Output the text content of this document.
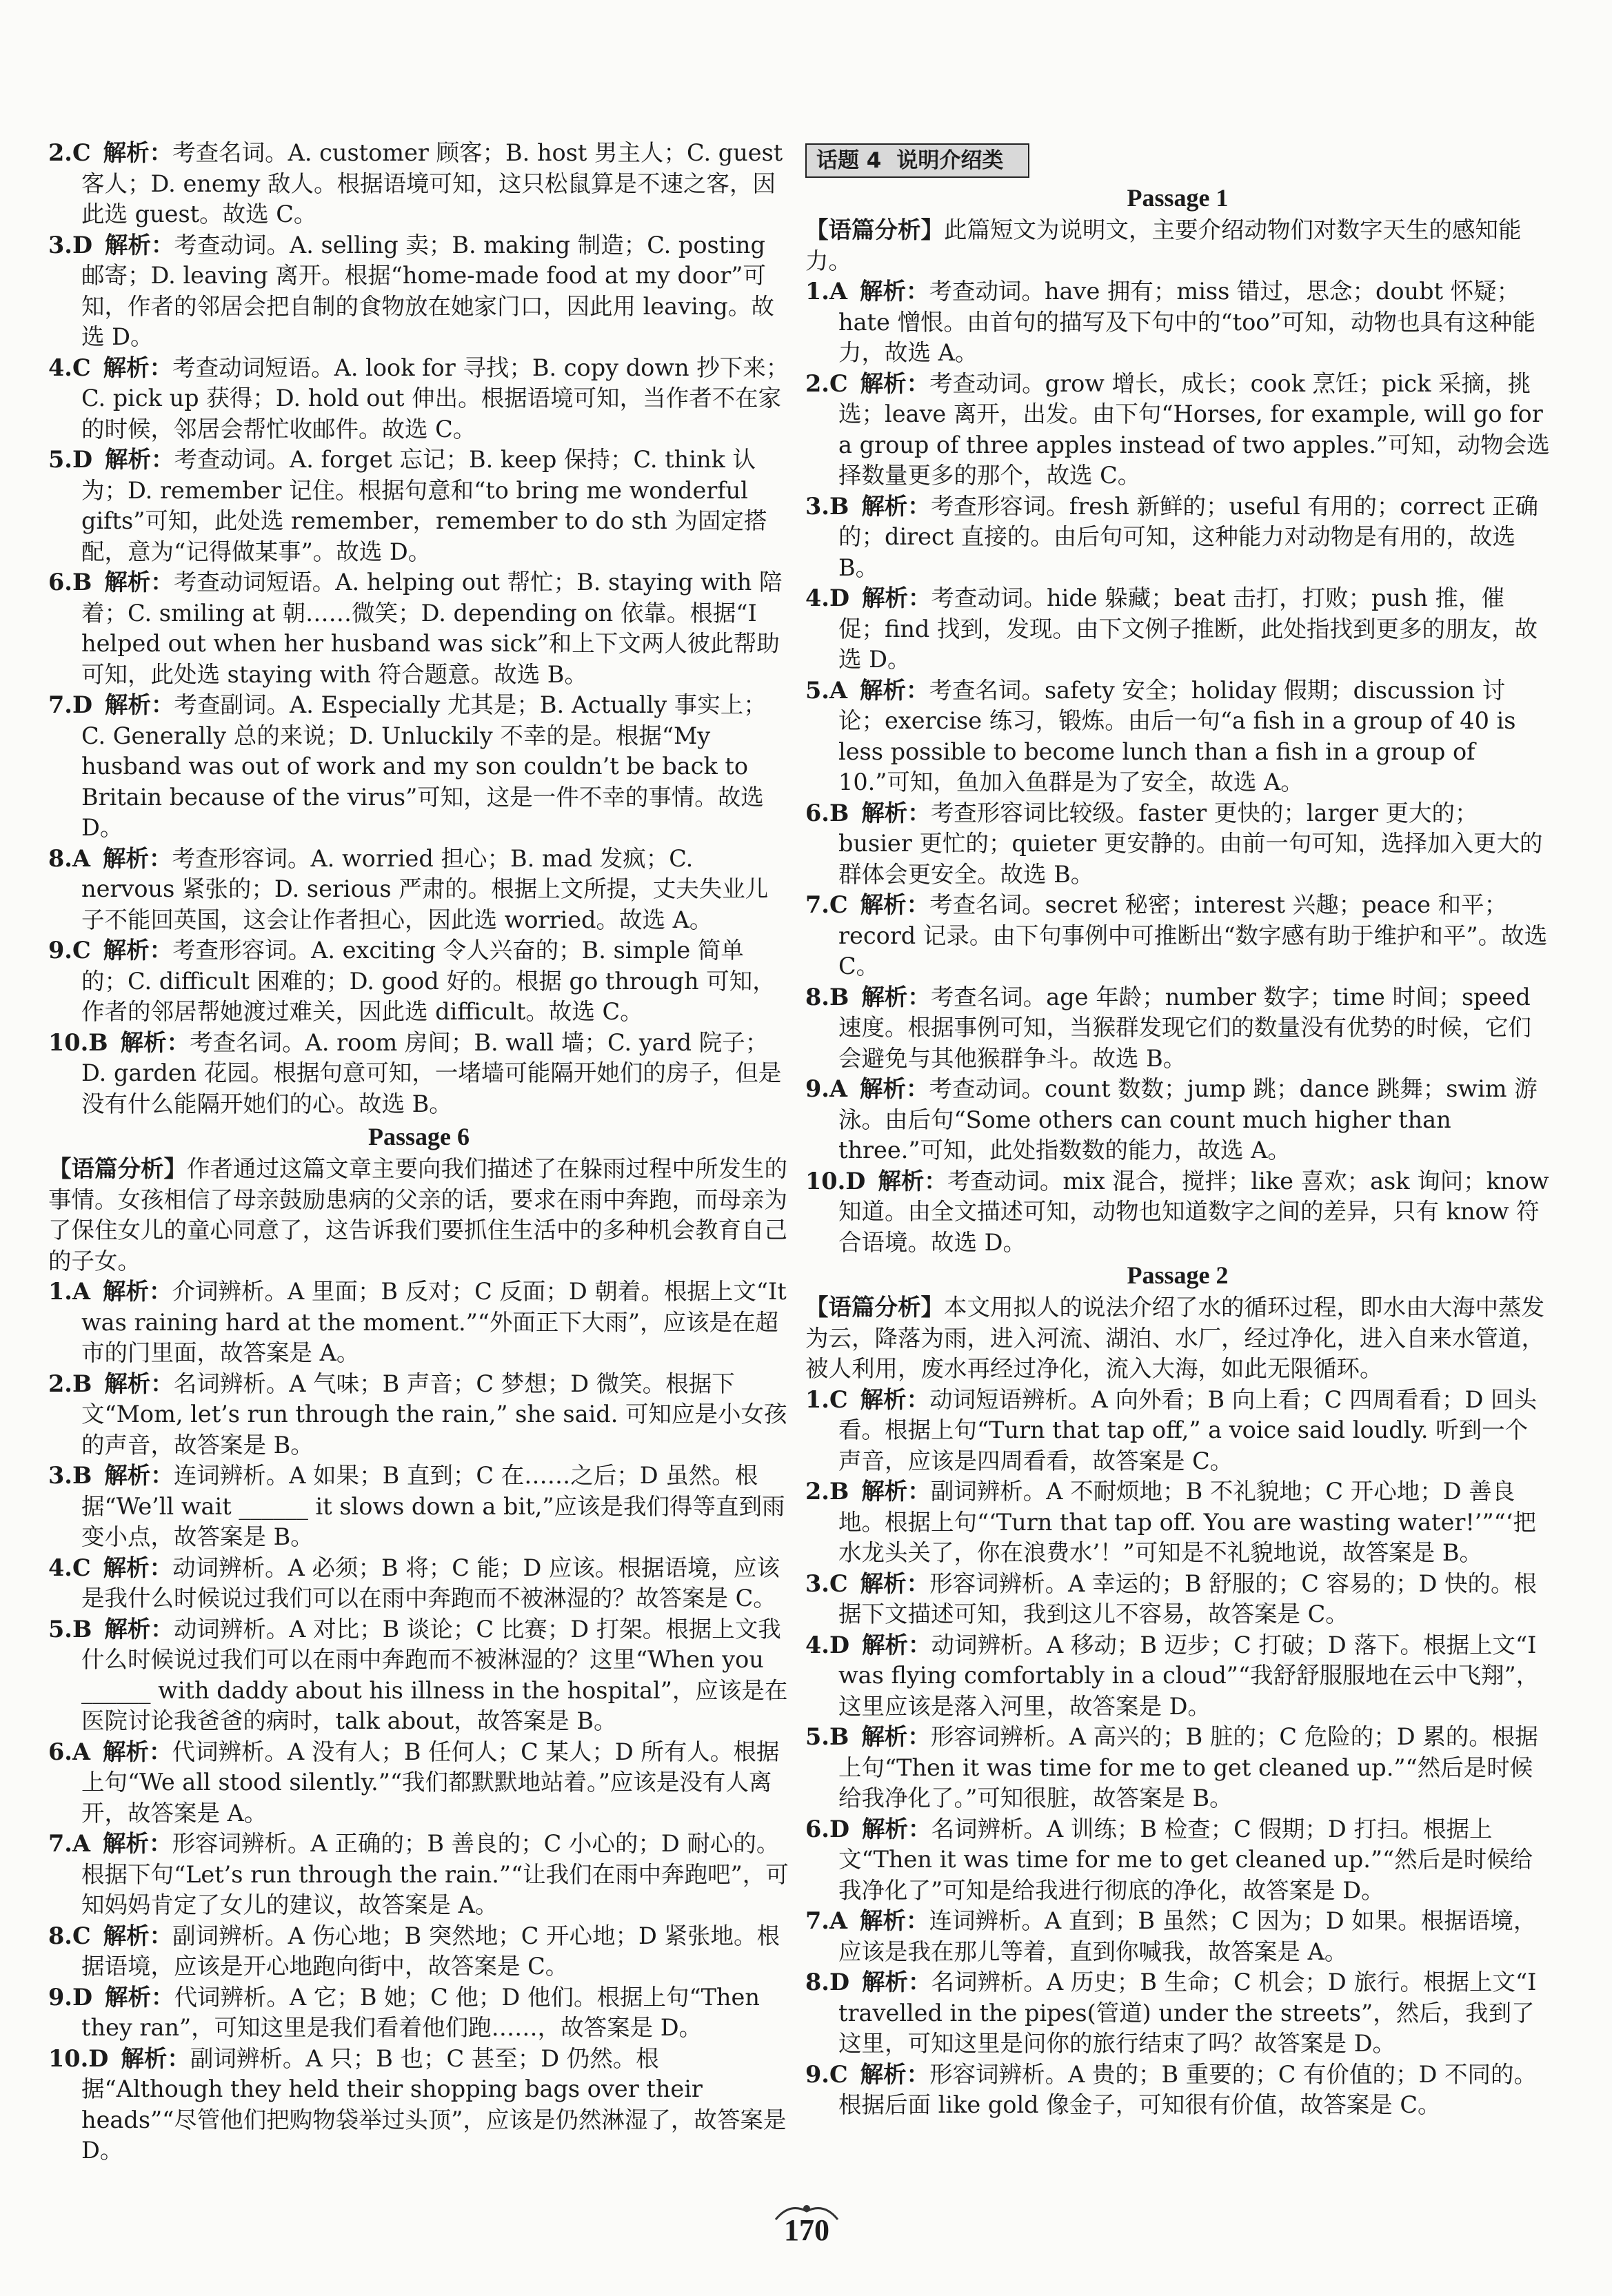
2.C 解析：考查名词。A. customer 顾客；B. host 男主人；C. guest 客人；D. enemy 敌人。根据语境可知，这只松鼠算是不速之客，因此选 guest。故选 C。

3.D 解析：考查动词。A. selling 卖；B. making 制造；C. posting 邮寄；D. leaving 离开。根据“home-made food at my door”可知，作者的邻居会把自制的食物放在她家门口，因此用 leaving。故选 D。

4.C 解析：考查动词短语。A. look for 寻找；B. copy down 抄下来；C. pick up 获得；D. hold out 伸出。根据语境可知，当作者不在家的时候，邻居会帮忙收邮件。故选 C。

5.D 解析：考查动词。A. forget 忘记；B. keep 保持；C. think 认为；D. remember 记住。根据句意和“to bring me wonderful gifts”可知，此处选 remember，remember to do sth 为固定搭配，意为“记得做某事”。故选 D。

6.B 解析：考查动词短语。A. helping out 帮忙；B. staying with 陪着；C. smiling at 朝……微笑；D. depending on 依靠。根据“I helped out when her husband was sick”和上下文两人彼此帮助可知，此处选 staying with 符合题意。故选 B。

7.D 解析：考查副词。A. Especially 尤其是；B. Actually 事实上；C. Generally 总的来说；D. Unluckily 不幸的是。根据“My husband was out of work and my son couldn’t be back to Britain because of the virus”可知，这是一件不幸的事情。故选 D。

8.A 解析：考查形容词。A. worried 担心；B. mad 发疯；C. nervous 紧张的；D. serious 严肃的。根据上文所提，丈夫失业儿子不能回英国，这会让作者担心，因此选 worried。故选 A。

9.C 解析：考查形容词。A. exciting 令人兴奋的；B. simple 简单的；C. difficult 困难的；D. good 好的。根据 go through 可知，作者的邻居帮她渡过难关，因此选 difficult。故选 C。

10.B 解析：考查名词。A. room 房间；B. wall 墙；C. yard 院子；D. garden 花园。根据句意可知，一堵墙可能隔开她们的房子，但是没有什么能隔开她们的心。故选 B。

Passage 6

【语篇分析】作者通过这篇文章主要向我们描述了在躲雨过程中所发生的事情。女孩相信了母亲鼓励患病的父亲的话，要求在雨中奔跑，而母亲为了保住女儿的童心同意了，这告诉我们要抓住生活中的多种机会教育自己的子女。

1.A 解析：介词辨析。A 里面；B 反对；C 反面；D 朝着。根据上文“It was raining hard at the moment.”“外面正下大雨”，应该是在超市的门里面，故答案是 A。

2.B 解析：名词辨析。A 气味；B 声音；C 梦想；D 微笑。根据下文“Mom, let’s run through the rain,” she said. 可知应是小女孩的声音，故答案是 B。

3.B 解析：连词辨析。A 如果；B 直到；C 在……之后；D 虽然。根据“We’ll wait ______ it slows down a bit,”应该是我们得等直到雨变小点，故答案是 B。

4.C 解析：动词辨析。A 必须；B 将；C 能；D 应该。根据语境，应该是我什么时候说过我们可以在雨中奔跑而不被淋湿的？故答案是 C。

5.B 解析：动词辨析。A 对比；B 谈论；C 比赛；D 打架。根据上文我什么时候说过我们可以在雨中奔跑而不被淋湿的？这里“When you ______ with daddy about his illness in the hospital”，应该是在医院讨论我爸爸的病时，talk about，故答案是 B。

6.A 解析：代词辨析。A 没有人；B 任何人；C 某人；D 所有人。根据上句“We all stood silently.”“我们都默默地站着。”应该是没有人离开，故答案是 A。

7.A 解析：形容词辨析。A 正确的；B 善良的；C 小心的；D 耐心的。根据下句“Let’s run through the rain.”“让我们在雨中奔跑吧”，可知妈妈肯定了女儿的建议，故答案是 A。

8.C 解析：副词辨析。A 伤心地；B 突然地；C 开心地；D 紧张地。根据语境，应该是开心地跑向街中，故答案是 C。

9.D 解析：代词辨析。A 它；B 她；C 他；D 他们。根据上句“Then they ran”，可知这里是我们看着他们跑……，故答案是 D。

10.D 解析：副词辨析。A 只；B 也；C 甚至；D 仍然。根据“Although they held their shopping bags over their heads”“尽管他们把购物袋举过头顶”，应该是仍然淋湿了，故答案是 D。

话题 4 说明介绍类

Passage 1

【语篇分析】此篇短文为说明文，主要介绍动物们对数字天生的感知能力。

1.A 解析：考查动词。have 拥有；miss 错过，思念；doubt 怀疑；hate 憎恨。由首句的描写及下句中的“too”可知，动物也具有这种能力，故选 A。

2.C 解析：考查动词。grow 增长，成长；cook 烹饪；pick 采摘，挑选；leave 离开，出发。由下句“Horses, for example, will go for a group of three apples instead of two apples.”可知，动物会选择数量更多的那个，故选 C。

3.B 解析：考查形容词。fresh 新鲜的；useful 有用的；correct 正确的；direct 直接的。由后句可知，这种能力对动物是有用的，故选 B。

4.D 解析：考查动词。hide 躲藏；beat 击打，打败；push 推，催促；find 找到，发现。由下文例子推断，此处指找到更多的朋友，故选 D。

5.A 解析：考查名词。safety 安全；holiday 假期；discussion 讨论；exercise 练习，锻炼。由后一句“a fish in a group of 40 is less possible to become lunch than a fish in a group of 10.”可知，鱼加入鱼群是为了安全，故选 A。

6.B 解析：考查形容词比较级。faster 更快的；larger 更大的；busier 更忙的；quieter 更安静的。由前一句可知，选择加入更大的群体会更安全。故选 B。

7.C 解析：考查名词。secret 秘密；interest 兴趣；peace 和平；record 记录。由下句事例中可推断出“数字感有助于维护和平”。故选 C。

8.B 解析：考查名词。age 年龄；number 数字；time 时间；speed 速度。根据事例可知，当猴群发现它们的数量没有优势的时候，它们会避免与其他猴群争斗。故选 B。

9.A 解析：考查动词。count 数数；jump 跳；dance 跳舞；swim 游泳。由后句“Some others can count much higher than three.”可知，此处指数数的能力，故选 A。

10.D 解析：考查动词。mix 混合，搅拌；like 喜欢；ask 询问；know 知道。由全文描述可知，动物也知道数字之间的差异，只有 know 符合语境。故选 D。

Passage 2

【语篇分析】本文用拟人的说法介绍了水的循环过程，即水由大海中蒸发为云，降落为雨，进入河流、湖泊、水厂，经过净化，进入自来水管道，被人利用，废水再经过净化，流入大海，如此无限循环。

1.C 解析：动词短语辨析。A 向外看；B 向上看；C 四周看看；D 回头看。根据上句“Turn that tap off,” a voice said loudly. 听到一个声音，应该是四周看看，故答案是 C。

2.B 解析：副词辨析。A 不耐烦地；B 不礼貌地；C 开心地；D 善良地。根据上句“‘Turn that tap off. You are wasting water!’”“‘把水龙头关了，你在浪费水’！”可知是不礼貌地说，故答案是 B。

3.C 解析：形容词辨析。A 幸运的；B 舒服的；C 容易的；D 快的。根据下文描述可知，我到这儿不容易，故答案是 C。

4.D 解析：动词辨析。A 移动；B 迈步；C 打破；D 落下。根据上文“I was flying comfortably in a cloud”“我舒舒服服地在云中飞翔”，这里应该是落入河里，故答案是 D。

5.B 解析：形容词辨析。A 高兴的；B 脏的；C 危险的；D 累的。根据上句“Then it was time for me to get cleaned up.”“然后是时候给我净化了。”可知很脏，故答案是 B。

6.D 解析：名词辨析。A 训练；B 检查；C 假期；D 打扫。根据上文“Then it was time for me to get cleaned up.”“然后是时候给我净化了”可知是给我进行彻底的净化，故答案是 D。

7.A 解析：连词辨析。A 直到；B 虽然；C 因为；D 如果。根据语境，应该是我在那儿等着，直到你喊我，故答案是 A。

8.D 解析：名词辨析。A 历史；B 生命；C 机会；D 旅行。根据上文“I travelled in the pipes(管道) under the streets”，然后，我到了这里，可知这里是问你的旅行结束了吗？故答案是 D。

9.C 解析：形容词辨析。A 贵的；B 重要的；C 有价值的；D 不同的。根据后面 like gold 像金子，可知很有价值，故答案是 C。

170
